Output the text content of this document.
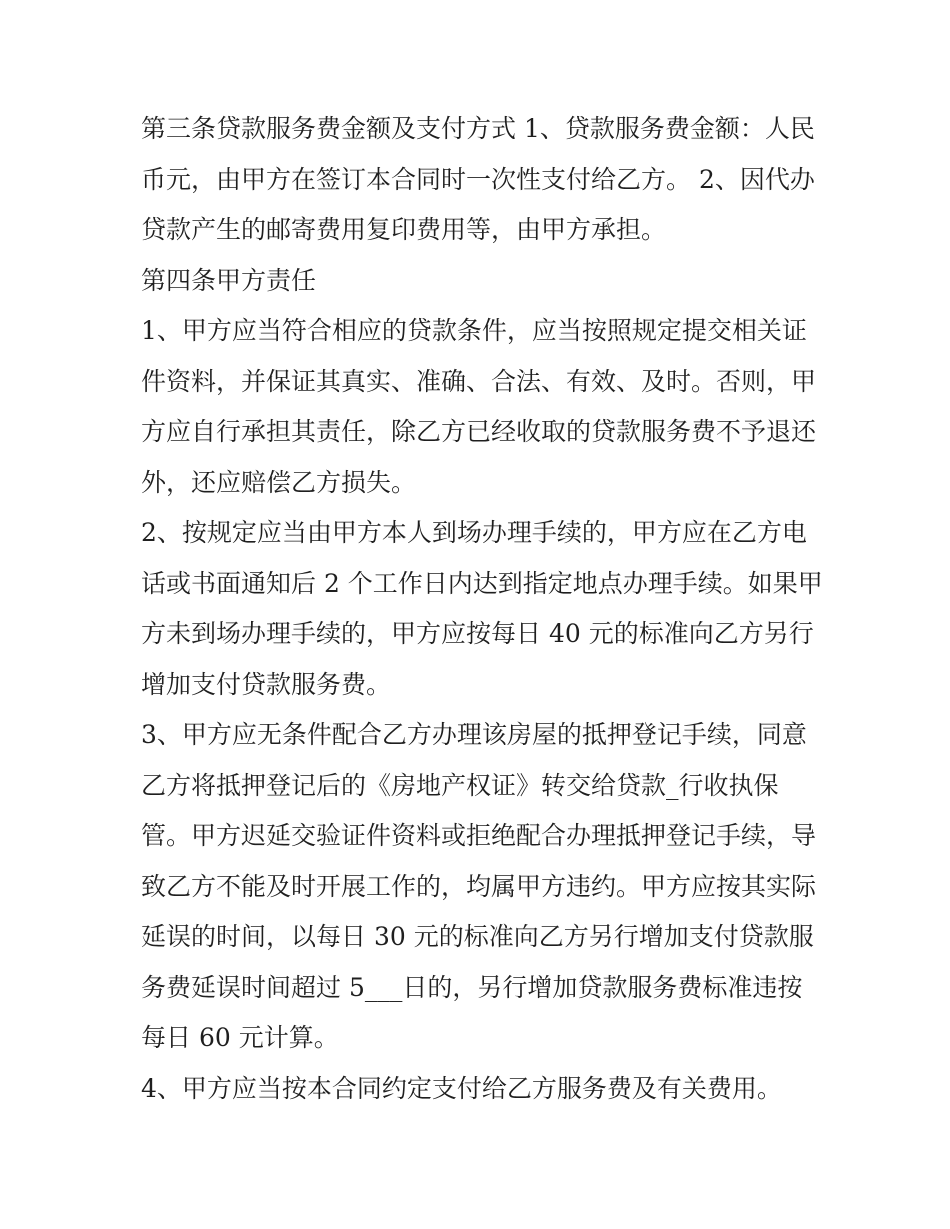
第三条贷款服务费金额及支付方式 1、贷款服务费金额：人民

币元，由甲方在签订本合同时一次性支付给乙方。 2、因代办

贷款产生的邮寄费用复印费用等，由甲方承担。

第四条甲方责任

1、甲方应当符合相应的贷款条件，应当按照规定提交相关证

件资料，并保证其真实、准确、合法、有效、及时。否则，甲

方应自行承担其责任，除乙方已经收取的贷款服务费不予退还

外，还应赔偿乙方损失。

2、按规定应当由甲方本人到场办理手续的，甲方应在乙方电

话或书面通知后 2 个工作日内达到指定地点办理手续。如果甲

方未到场办理手续的，甲方应按每日 40 元的标准向乙方另行

增加支付贷款服务费。

3、甲方应无条件配合乙方办理该房屋的抵押登记手续，同意

乙方将抵押登记后的《房地产权证》转交给贷款_行收执保

管。甲方迟延交验证件资料或拒绝配合办理抵押登记手续，导

致乙方不能及时开展工作的，均属甲方违约。甲方应按其实际

延误的时间，以每日 30 元的标准向乙方另行增加支付贷款服

务费延误时间超过 5___日的，另行增加贷款服务费标准违按

每日 60 元计算。

4、甲方应当按本合同约定支付给乙方服务费及有关费用。
